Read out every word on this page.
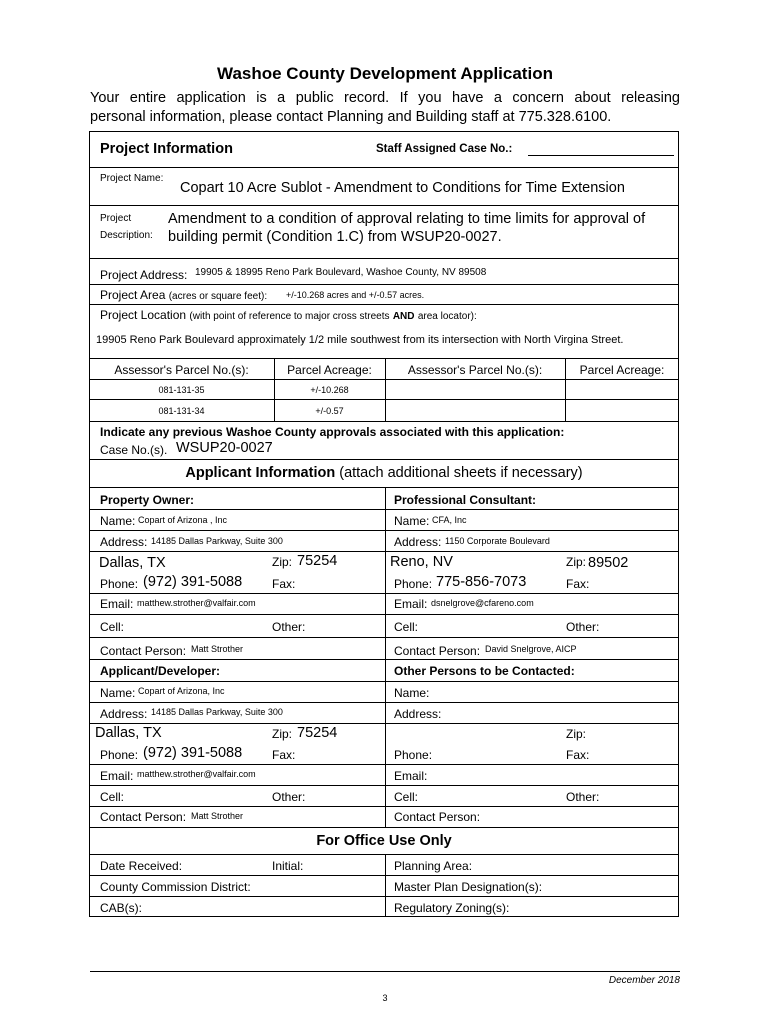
Washoe County Development Application
Your entire application is a public record. If you have a concern about releasing
personal information, please contact Planning and Building staff at 775.328.6100.
Project Information	Staff Assigned Case No.:
Project Name:
Copart 10 Acre Sublot - Amendment to Conditions for Time Extension
Project
Description:
Amendment to a condition of approval relating to time limits for approval of
building permit (Condition 1.C) from WSUP20-0027.
Project Address: 19905 & 18995 Reno Park Boulevard, Washoe County, NV 89508
Project Area (acres or square feet): +/-10.268 acres and +/-0.57 acres.
Project Location (with point of reference to major cross streets AND area locator):
19905 Reno Park Boulevard approximately 1/2 mile southwest from its intersection with North Virgina Street.
Assessor's Parcel No.(s):	Parcel Acreage:	Assessor's Parcel No.(s):	Parcel Acreage:
081-131-35	+/-10.268
081-131-34	+/-0.57
Indicate any previous Washoe County approvals associated with this application:
Case No.(s). WSUP20-0027
Applicant Information (attach additional sheets if necessary)
Property Owner:
Name: Copart of Arizona , Inc
Address: 14185 Dallas Parkway, Suite 300
Dallas, TX	Zip: 75254
Phone: (972) 391-5088 Fax:
Email: matthew.strother@valfair.com
Cell:	Other:
Contact Person: Matt Strother
Professional Consultant:
Name: CFA, Inc
Address: 1150 Corporate Boulevard
Reno, NV	Zip: 89502
Phone: 775-856-7073	Fax:
Email: dsnelgrove@cfareno.com
Cell:	Other:
Contact Person: David Snelgrove, AICP
Applicant/Developer:
Name: Copart of Arizona, Inc
Address: 14185 Dallas Parkway, Suite 300
Dallas, TX	Zip: 75254
Phone: (972) 391-5088 Fax:
Email: matthew.strother@valfair.com
Cell:	Other:
Contact Person: Matt Strother
Other Persons to be Contacted:
Name:
Address:
Zip:
Phone:	Fax:
Email:
Cell:	Other:
Contact Person:
For Office Use Only
Date Received:	Initial:	Planning Area:
County Commission District:	Master Plan Designation(s):
CAB(s):	Regulatory Zoning(s):
December 2018
3
